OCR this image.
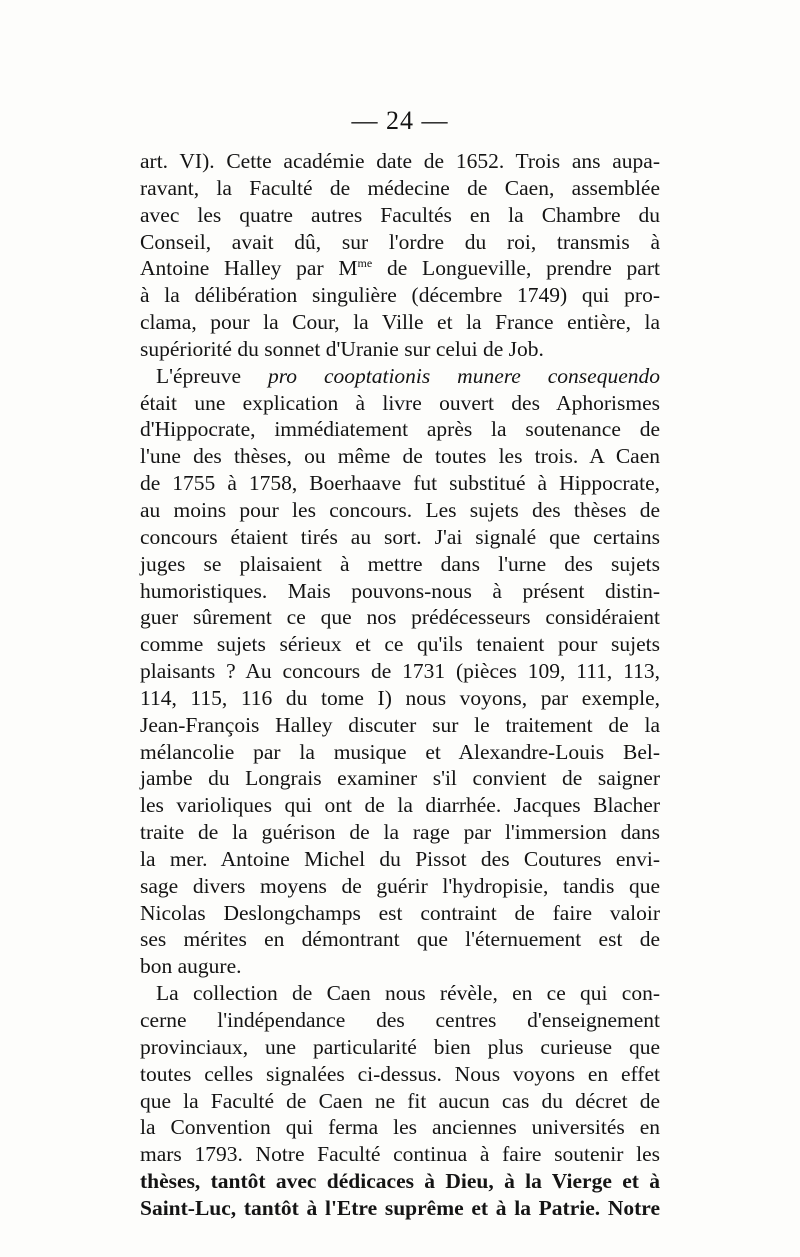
— 24 —
art. VI). Cette académie date de 1652. Trois ans aupa-
ravant, la Faculté de médecine de Caen, assemblée
avec les quatre autres Facultés en la Chambre du
Conseil, avait dû, sur l'ordre du roi, transmis à
Antoine Halley par $M^{me}$ de Longueville, prendre part
à la délibération singulière (décembre 1749) qui pro-
clama, pour la Cour, la Ville et la France entière, la
supériorité du sonnet d'Uranie sur celui de Job.
L'épreuve pro cooptationis munere consequendo
était une explication à livre ouvert des Aphorismes
d'Hippocrate, immédiatement après la soutenance de
l'une des thèses, ou même de toutes les trois. A Caen
de 1755 à 1758, Boerhaave fut substitué à Hippocrate,
au moins pour les concours. Les sujets des thèses de
concours étaient tirés au sort. J'ai signalé que certains
juges se plaisaient à mettre dans l'urne des sujets
humoristiques. Mais pouvons-nous à présent distin-
guer sûrement ce que nos prédécesseurs considéraient
comme sujets sérieux et ce qu'ils tenaient pour sujets
plaisants ? Au concours de 1731 (pièces 109, 111, 113,
114, 115, 116 du tome I) nous voyons, par exemple,
Jean-François Halley discuter sur le traitement de la
mélancolie par la musique et Alexandre-Louis Bel-
jambe du Longrais examiner s'il convient de saigner
les varioliques qui ont de la diarrhée. Jacques Blacher
traite de la guérison de la rage par l'immersion dans
la mer. Antoine Michel du Pissot des Coutures envi-
sage divers moyens de guérir l'hydropisie, tandis que
Nicolas Deslongchamps est contraint de faire valoir
ses mérites en démontrant que l'éternuement est de
bon augure.
La collection de Caen nous révèle, en ce qui con-
cerne l'indépendance des centres d'enseignement
provinciaux, une particularité bien plus curieuse que
toutes celles signalées ci-dessus. Nous voyons en effet
que la Faculté de Caen ne fit aucun cas du décret de
la Convention qui ferma les anciennes universités en
mars 1793. Notre Faculté continua à faire soutenir les
thèses, tantôt avec dédicaces à Dieu, à la Vierge et à
Saint-Luc, tantôt à l'Etre suprême et à la Patrie. Notre
